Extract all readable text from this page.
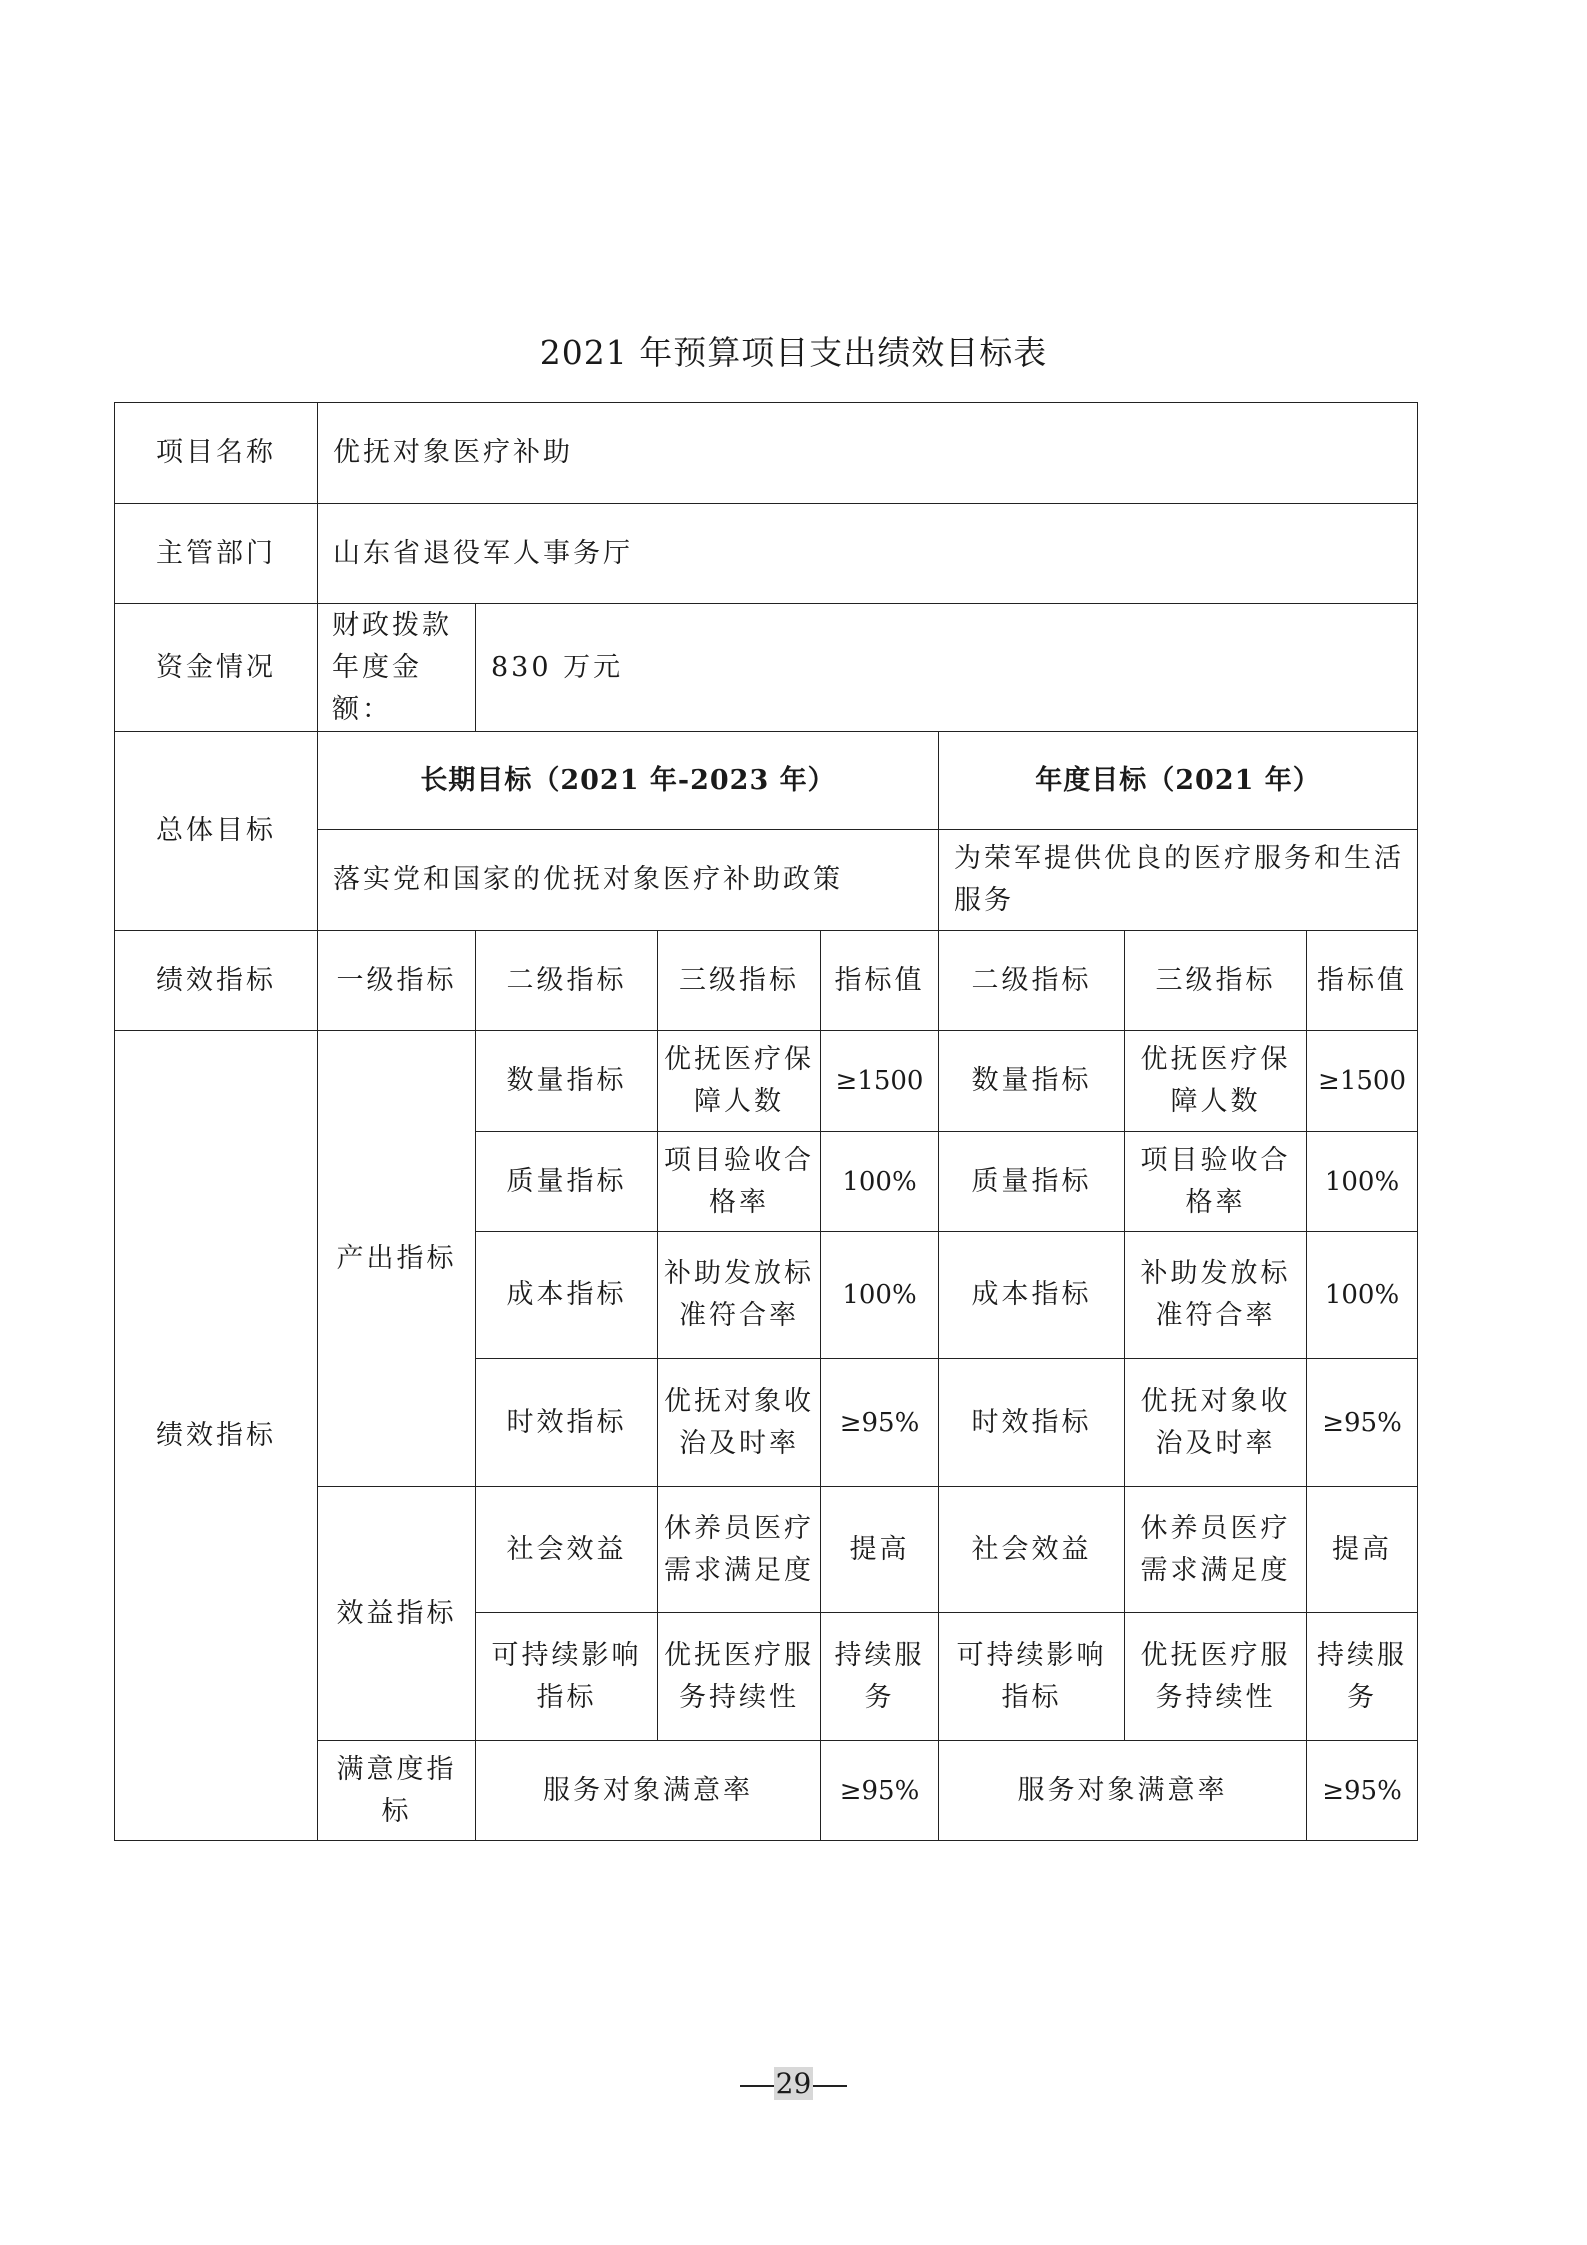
2021 年预算项目支出绩效目标表
项目名称	优抚对象医疗补助						
主管部门	山东省退役军人事务厅						
资金情况	财政拨款年度金额：	830 万元					
总体目标	长期目标（2021 年-2023 年）				年度目标（2021 年）		
	落实党和国家的优抚对象医疗补助政策				为荣军提供优良的医疗服务和生活服务		
绩效指标	一级指标	二级指标	三级指标	指标值	二级指标	三级指标	指标值
绩效指标	产出指标	数量指标	优抚医疗保障人数	≥1500	数量指标	优抚医疗保障人数	≥1500
		质量指标	项目验收合格率	100%	质量指标	项目验收合格率	100%
		成本指标	补助发放标准符合率	100%	成本指标	补助发放标准符合率	100%
		时效指标	优抚对象收治及时率	≥95%	时效指标	优抚对象收治及时率	≥95%
	效益指标	社会效益	休养员医疗需求满足度	提高	社会效益	休养员医疗需求满足度	提高
		可持续影响指标	优抚医疗服务持续性	持续服务	可持续影响指标	优抚医疗服务持续性	持续服务
	满意度指标	服务对象满意率		≥95%	服务对象满意率		≥95%
29
